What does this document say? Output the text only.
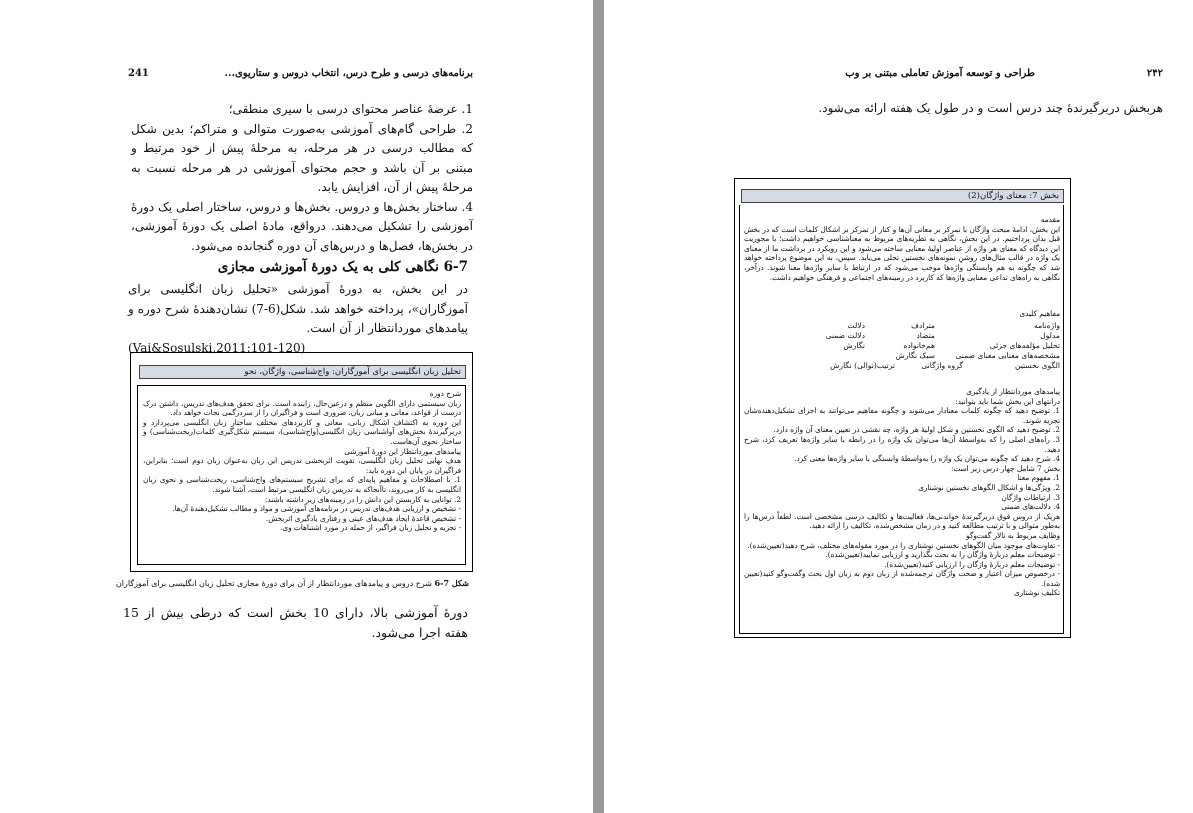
برنامه‌های درسی و طرح درس، انتخاب دروس و ستاریوی...
241

1. عرضهٔ عناصر محتوای درسی با سیری منطقی؛

2. طراحی گام‌های آموزشی به‌صورت متوالی و متراکم؛ بدین شکل که مطالب درسی در هر مرحله، به مرحلهٔ پیش از خود مرتبط و مبتنی بر آن باشد و حجم محتوای آموزشی در هر مرحله نسبت به مرحلهٔ پیش از آن، افزایش یابد.

4. ساختار بخش‌ها و دروس. بخش‌ها و دروس، ساختار اصلی یک دورهٔ آموزشی را تشکیل می‌دهند. درواقع، مادهٔ اصلی یک دورهٔ آموزشی، در بخش‌ها، فصل‌ها و درس‌های آن دوره گنجانده می‌شود.

6-7 نگاهی کلی به یک دورهٔ آموزشی مجازی

در این بخش، به دورهٔ آموزشی «تحلیل زبان انگلیسی برای آموزگاران»، پرداخته خواهد شد. شکل(6-7) نشان‌دهندهٔ شرح دوره و پیامدهای موردانتظار از آن است.

(Vai&Sosulski,2011:101-120)

تحلیل زبان انگلیسی برای آموزگاران: واج‌شناسی، واژگان، نحو

شرح دوره

زبان سیستمی دارای الگویی منظم و درعین‌حال، زاینده است. برای تحقق هدف‌های تدریس، داشتن درک درست از قواعد، معانی و مبانی زبان، ضروری است و فراگیران را از سردرگمی نجات خواهد داد.

این دوره به اکتشاف اشکال زبانی، معانی و کاربردهای مختلف ساختار زبان انگلیسی می‌پردازد و دربرگیرندهٔ بخش‌های آواشناسی زبان انگلیسی(واج‌شناسی)، سیستم شکل‌گیری کلمات(ریخت‌شناسی) و ساختار نحوی آن‌هاست.

پیامدهای موردانتظار این دورهٔ آموزشی

هدف نهایی تحلیل زبان انگلیسی، تقویت اثربخشی تدریس این زبان به‌عنوان زبان دوم است؛ بنابراین، فراگیران در پایان این دوره باید:

1. با اصطلاحات و مفاهیم پایه‌ای که برای تشریح سیستم‌های واج‌شناسی، ریخت‌شناسی و نحوی زبان انگلیسی به کار می‌روند، تاآنجاکه به تدریس زبان انگلیسی مرتبط است، آشنا شوند.

2. توانایی به کاربستن این دانش را در زمینه‌های زیر داشته باشند:

- تشخیص و ارزیابی هدف‌های تدریس در برنامه‌های آموزشی و مواد و مطالب تشکیل‌دهندهٔ آن‌ها.

- تشخیص قاعدهٔ ایجاد هدف‌های عینی و رفتاری یادگیری اثربخش.

- تجزیه و تحلیل زبان فراگیر، از جمله در مورد اشتباهات وی.

شکل 7-6 شرح دروس و پیامدهای موردانتظار از آن برای دورهٔ مجازی تحلیل زبان انگلیسی برای آموزگاران
دورهٔ آموزشی بالا، دارای 10 بخش است که درطی بیش از 15 هفته اجرا می‌شود.
طراحی و توسعه آموزش تعاملی مبتنی بر وب	۲۴۲
هربخش دربرگیرندهٔ چند درس است و در طول یک هفته ارائه می‌شود.
بخش 7: معنای واژگان(2)

مقدمه

این بخش، ادامهٔ مبحث واژگان با تمرکز بر معانی آن‌ها و کنار از تمرکز بر اشکال کلمات است که در بخش قبل بدان پرداختیم. در این بخش، نگاهی به نظریه‌های مربوط به معناشناسی خواهیم داشت؛ با محوریت این دیدگاه که معنای هر واژه از عناصر اولیهٔ معنایی ساخته می‌شود و این رویکرد در برداشت ما از معنای یک واژه در قالب مثال‌های روشنِ نمونه‌های نخستین تجلی می‌یابد. سپس، به این موضوع پرداخته خواهد شد که چگونه به هم وابستگی واژه‌ها موجب می‌شود که در ارتباط با سایر واژه‌ها معنا شوند. درآخر، نگاهی به راه‌های تداعی معنایی واژه‌ها که کاربرد در زمینه‌های اجتماعی و فرهنگی خواهیم داشت.

مفاهیم کلیدی
واژه‌نامه
مترادف
دلالت
مدلول
متضاد
دلالت ضمنی
تحلیل مؤلفه‌های جزئی
هم‌خانواده
نگارش
مشخصه‌های معنایی معنای ضمنی
سبک نگارش
الگوی نخستین
گروه واژگانی
ترتیب(توالی) نگارش

پیامدهای موردانتظار از یادگیری

درانتهای این بخش شما باید بتوانید:

1. توضیح دهید که چگونه کلمات معنادار می‌شوند و چگونه مفاهیم می‌توانند به اجزای تشکیل‌دهنده‌شان تجزیه شوند.

2. توضیح دهید که الگوی نخستین و شکل اولیهٔ هر واژه، چه نقشی در تعیین معنای آن واژه دارد.

3. راه‌های اصلی را که به‌واسطهٔ آن‌ها می‌توان یک واژه را در رابطه با سایر واژه‌ها تعریف کرد، شرح دهید.

4. شرح دهید که چگونه می‌توان یک واژه را به‌واسطهٔ وابستگی با سایر واژه‌ها معنی کرد.

بخش 7 شامل چهار درس زیر است:

1. مفهوم معنا

2. ویژگی‌ها و اشکال الگوهای نخستین نوشتاری

3. ارتباطات واژگان

4. دلالت‌های ضمنی

هریک از دروس فوق دربرگیرندهٔ خواندنی‌ها، فعالیت‌ها و تکالیف درسی مشخصی است. لطفاً درس‌ها را به‌طور متوالی و با ترتیب مطالعه کنید و در زمان مشخص‌شده، تکالیف را ارائه دهید.

وظایف مربوط به تالار گفت‌وگو

- تفاوت‌های موجود میان الگوهای نخستین نوشتاری را در مورد مقوله‌های مختلف، شرح دهید(تعیین‌شده).

- توضیحات معلم دربارهٔ واژگان را به بحث بگذارید و ارزیابی نمایید(تعیین‌شده).

- توضیحات معلم دربارهٔ واژگان را ارزیابی کنید(تعیین‌شده).

- درخصوص میزان اعتبار و صحت واژگان ترجمه‌شده از زبان دوم به زبان اول بحث وگفت‌وگو کنید(تعیین شده).

تکلیف نوشتاری
